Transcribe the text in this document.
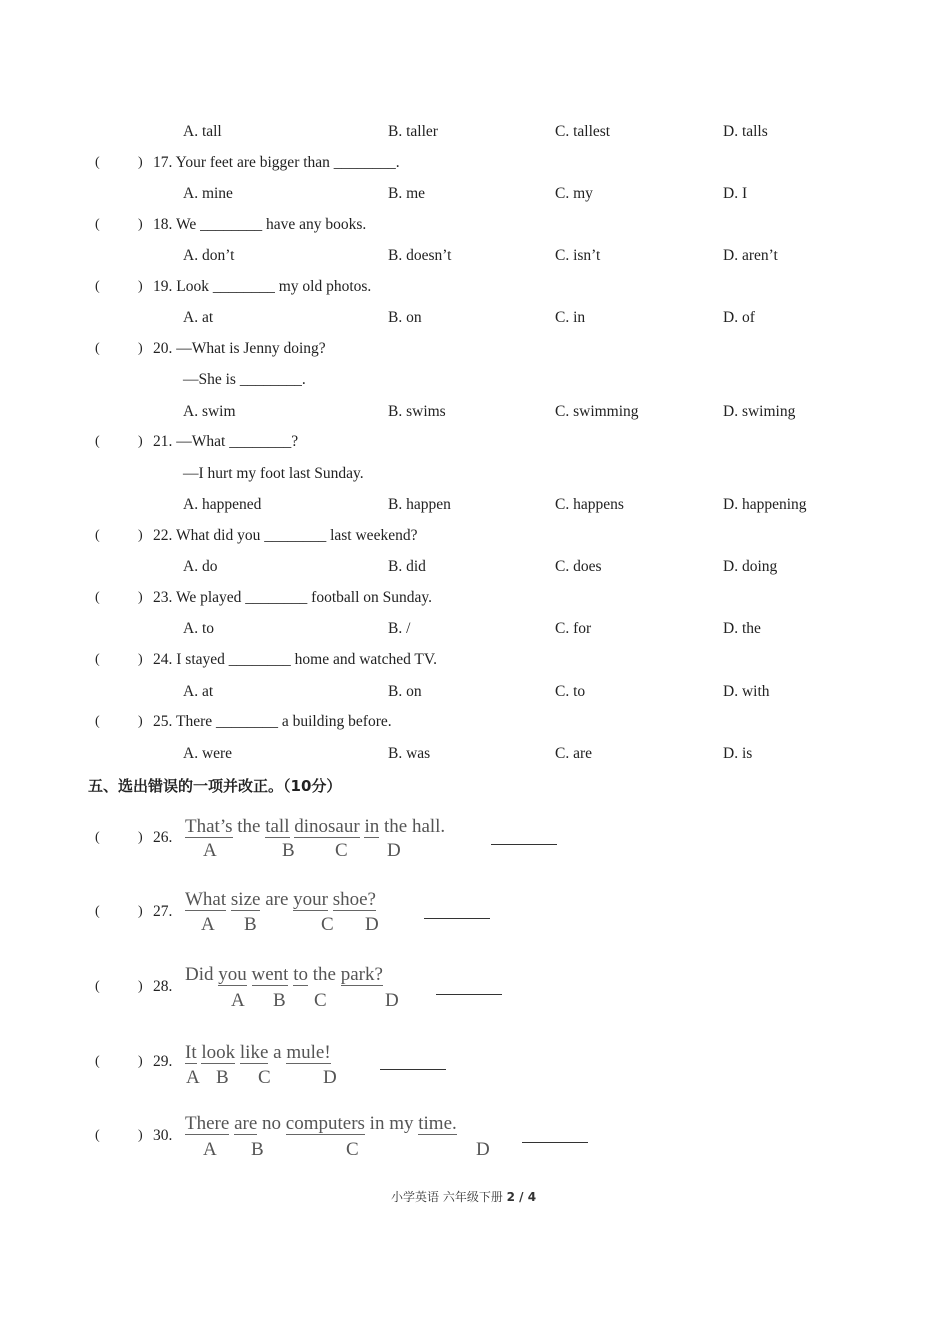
A. tall	B. taller	C. tallest	D. talls
(	) 17. Your feet are bigger than ________.
A. mine	B. me	C. my	D. I
(	) 18. We ________ have any books.
A. don’t	B. doesn’t	C. isn’t	D. aren’t
(	) 19. Look ________ my old photos.
A. at	B. on	C. in	D. of
(	) 20. —What is Jenny doing?
—She is ________.
A. swim	B. swims	C. swimming	D. swiming
(	) 21. —What ________?
—I hurt my foot last Sunday.
A. happened	B. happen	C. happens	D. happening
(	) 22. What did you ________ last weekend?
A. do	B. did	C. does	D. doing
(	) 23. We played ________ football on Sunday.
A. to	B. /	C. for	D. the
(	) 24. I stayed ________ home and watched TV.
A. at	B. on	C. to	D. with
(	) 25. There ________ a building before.
A. were	B. was	C. are	D. is
五、选出错误的一项并改正。（10分）
(	) 26.
That’s the tall dinosaur in the hall.
A	B C D
(	) 27.
What size are your shoe?
A B	C D
(	) 28.
Did you went to the park?
A B C	D
(	) 29. It look like a mule!
A B C	D
(	) 30.
There are no computers in my time.
A B	C	D
小学英语 六年级下册 2 / 4
